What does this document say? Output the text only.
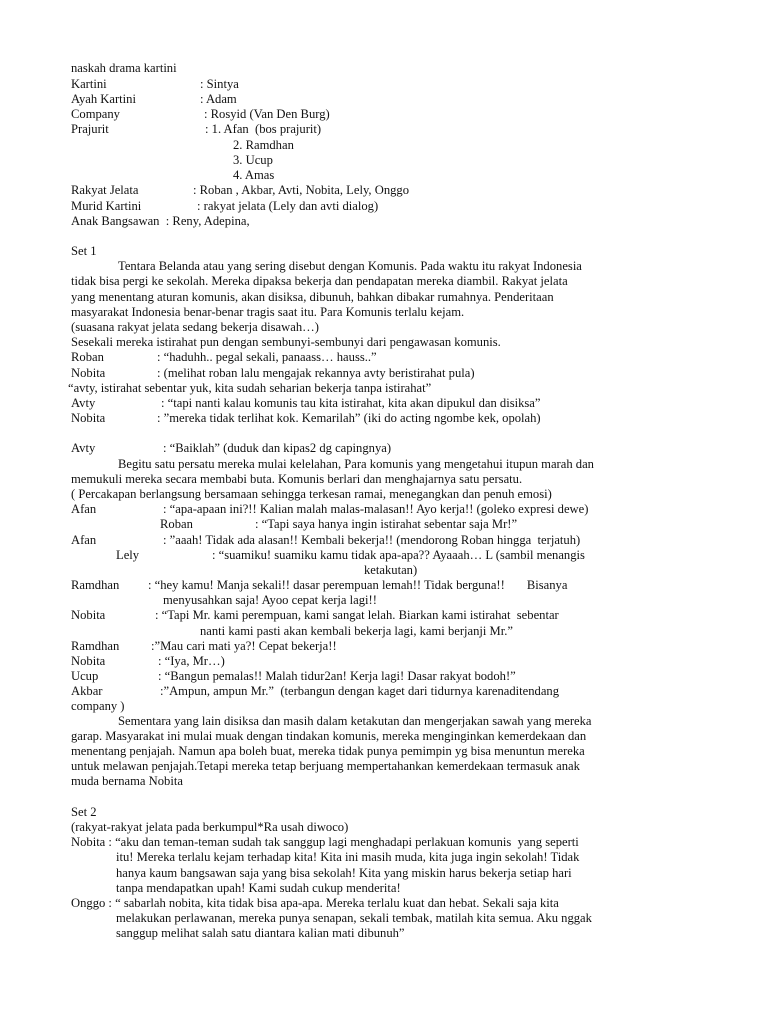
naskah drama kartini
Kartini	: Sintya
Ayah Kartini	: Adam
Company	: Rosyid (Van Den Burg)
Prajurit	: 1. Afan  (bos prajurit)
2. Ramdhan
3. Ucup
4. Amas
Rakyat Jelata	: Roban , Akbar, Avti, Nobita, Lely, Onggo
Murid Kartini	: rakyat jelata (Lely dan avti dialog)
Anak Bangsawan  : Reny, Adepina,
Set 1
Tentara Belanda atau yang sering disebut dengan Komunis. Pada waktu itu rakyat Indonesia
tidak bisa pergi ke sekolah. Mereka dipaksa bekerja dan pendapatan mereka diambil. Rakyat jelata
yang menentang aturan komunis, akan disiksa, dibunuh, bahkan dibakar rumahnya. Penderitaan
masyarakat Indonesia benar-benar tragis saat itu. Para Komunis terlalu kejam.
(suasana rakyat jelata sedang bekerja disawah…)
Sesekali mereka istirahat pun dengan sembunyi-sembunyi dari pengawasan komunis.
Roban	: “haduhh.. pegal sekali, panaass… hauss..”
Nobita	: (melihat roban lalu mengajak rekannya avty beristirahat pula)
“avty, istirahat sebentar yuk, kita sudah seharian bekerja tanpa istirahat”
Avty	: “tapi nanti kalau komunis tau kita istirahat, kita akan dipukul dan disiksa”
Nobita	: ”mereka tidak terlihat kok. Kemarilah” (iki do acting ngombe kek, opolah)
Avty	: “Baiklah” (duduk dan kipas2 dg capingnya)
Begitu satu persatu mereka mulai kelelahan, Para komunis yang mengetahui itupun marah dan
memukuli mereka secara membabi buta. Komunis berlari dan menghajarnya satu persatu.
( Percakapan berlangsung bersamaan sehingga terkesan ramai, menegangkan dan penuh emosi)
Afan	: “apa-apaan ini?!! Kalian malah malas-malasan!! Ayo kerja!! (goleko expresi dewe)
Roban	: “Tapi saya hanya ingin istirahat sebentar saja Mr!”
Afan	: ”aaah! Tidak ada alasan!! Kembali bekerja!! (mendorong Roban hingga  terjatuh)
Lely	: “suamiku! suamiku kamu tidak apa-apa?? Ayaaah… L (sambil menangis
ketakutan)
Ramdhan : “hey kamu! Manja sekali!! dasar perempuan lemah!! Tidak berguna!!       Bisanya
menyusahkan saja! Ayoo cepat kerja lagi!!
Nobita	: “Tapi Mr. kami perempuan, kami sangat lelah. Biarkan kami istirahat  sebentar
nanti kami pasti akan kembali bekerja lagi, kami berjanji Mr.”
Ramdhan	:”Mau cari mati ya?! Cepat bekerja!!
Nobita	: “Iya, Mr…)
Ucup	: “Bangun pemalas!! Malah tidur2an! Kerja lagi! Dasar rakyat bodoh!”
Akbar	:”Ampun, ampun Mr.”  (terbangun dengan kaget dari tidurnya karenaditendang
company )
Sementara yang lain disiksa dan masih dalam ketakutan dan mengerjakan sawah yang mereka
garap. Masyarakat ini mulai muak dengan tindakan komunis, mereka menginginkan kemerdekaan dan
menentang penjajah. Namun apa boleh buat, mereka tidak punya pemimpin yg bisa menuntun mereka
untuk melawan penjajah.Tetapi mereka tetap berjuang mempertahankan kemerdekaan termasuk anak
muda bernama Nobita
Set 2
(rakyat-rakyat jelata pada berkumpul*Ra usah diwoco)
Nobita : “aku dan teman-teman sudah tak sanggup lagi menghadapi perlakuan komunis  yang seperti
itu! Mereka terlalu kejam terhadap kita! Kita ini masih muda, kita juga ingin sekolah! Tidak
hanya kaum bangsawan saja yang bisa sekolah! Kita yang miskin harus bekerja setiap hari
tanpa mendapatkan upah! Kami sudah cukup menderita!
Onggo : “ sabarlah nobita, kita tidak bisa apa-apa. Mereka terlalu kuat dan hebat. Sekali saja kita
melakukan perlawanan, mereka punya senapan, sekali tembak, matilah kita semua. Aku nggak
sanggup melihat salah satu diantara kalian mati dibunuh”
